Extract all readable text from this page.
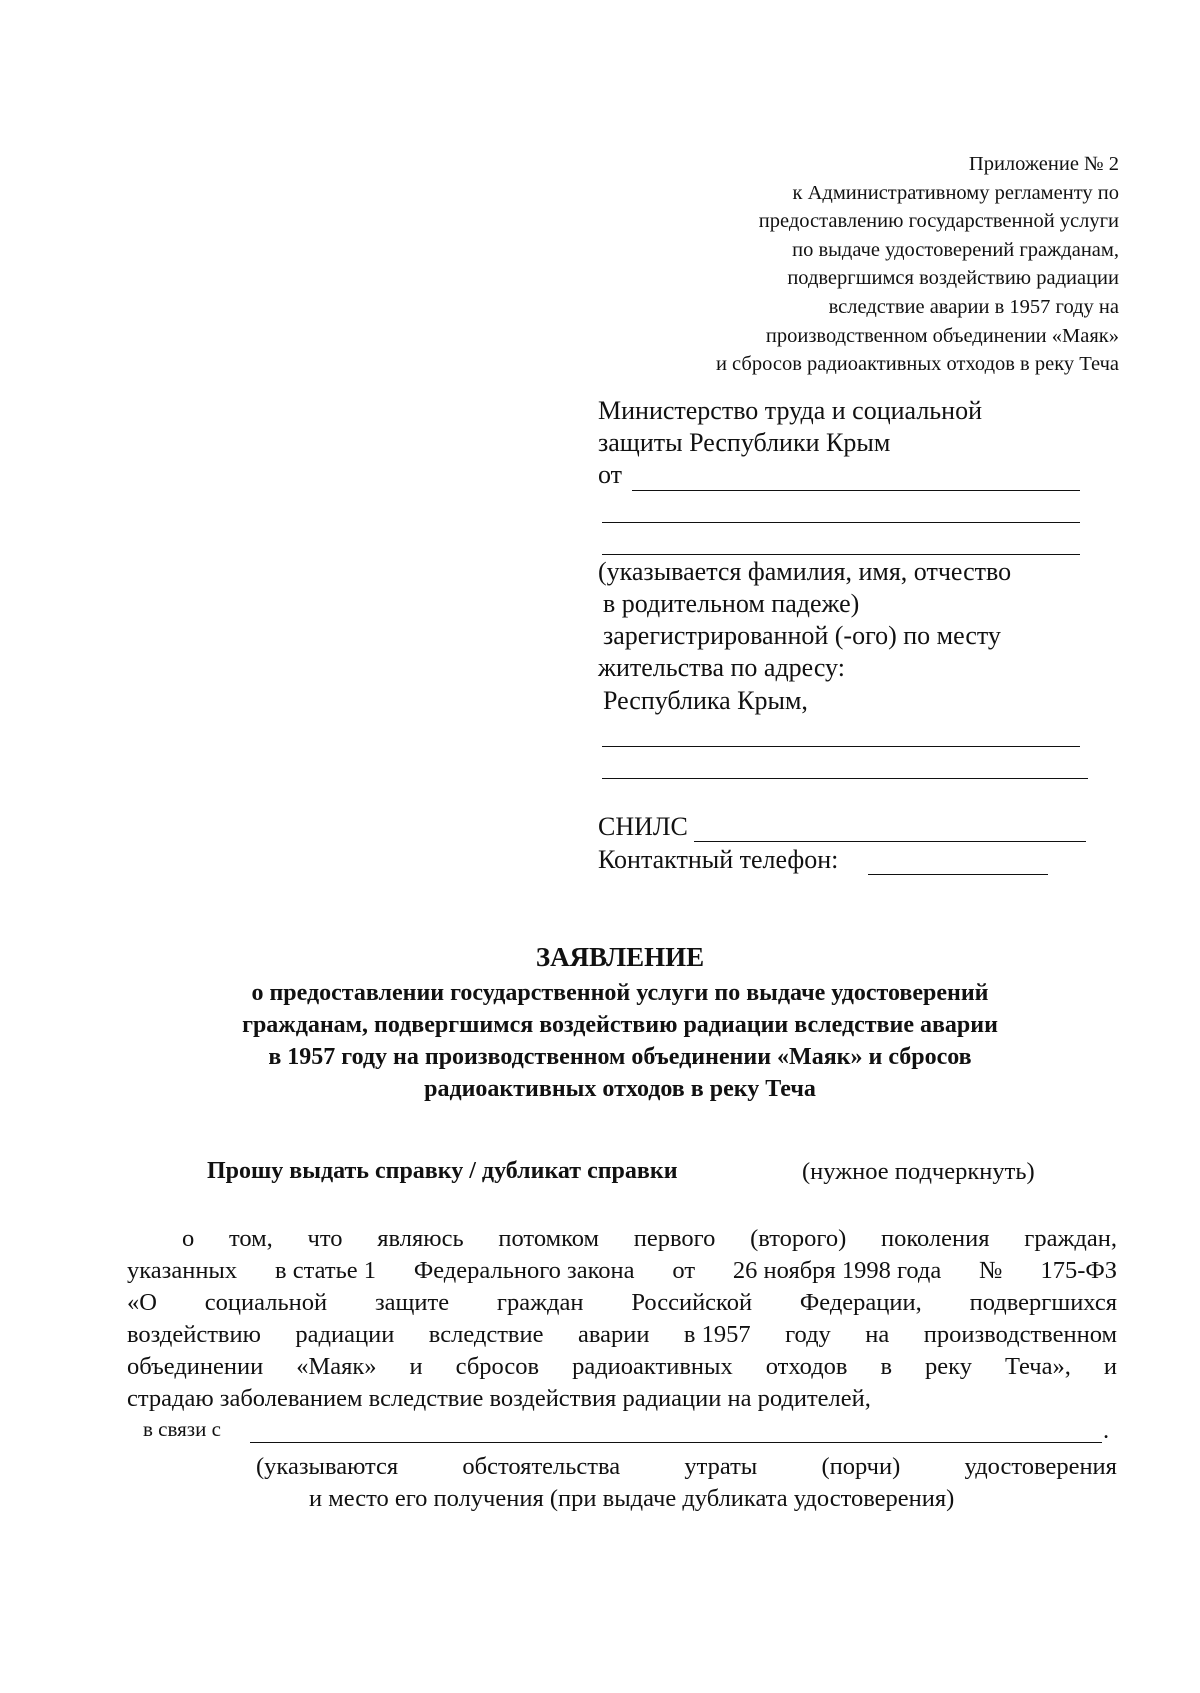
Приложение № 2
к Административному регламенту по
предоставлению государственной услуги
по выдаче удостоверений гражданам,
подвергшимся воздействию радиации
вследствие аварии в 1957 году на
производственном объединении «Маяк»
и сбросов радиоактивных отходов в реку Теча
Министерство труда и социальной
защиты Республики Крым
от
(указывается фамилия, имя, отчество
в родительном падеже)
зарегистрированной (-ого) по месту
жительства по адресу:
Республика Крым,
СНИЛС
Контактный телефон:
ЗАЯВЛЕНИЕ
о предоставлении государственной услуги по выдаче удостоверений
гражданам, подвергшимся воздействию радиации вследствие аварии
в 1957 году на производственном объединении «Маяк» и сбросов
радиоактивных отходов в реку Теча
Прошу выдать справку / дубликат справки	(нужное подчеркнуть)
о том, что являюсь потомком первого (второго) поколения граждан,
указанных в статье 1 Федерального закона от 26 ноября 1998 года № 175-ФЗ
«О социальной защите граждан Российской Федерации, подвергшихся
воздействию радиации вследствие аварии в 1957 году на производственном
объединении «Маяк» и сбросов радиоактивных отходов в реку Теча», и
страдаю заболеванием вследствие воздействия радиации на родителей,
в связи с	.
(указываются	обстоятельства	утраты	(порчи)	удостоверения
и место его получения (при выдаче дубликата удостоверения)
